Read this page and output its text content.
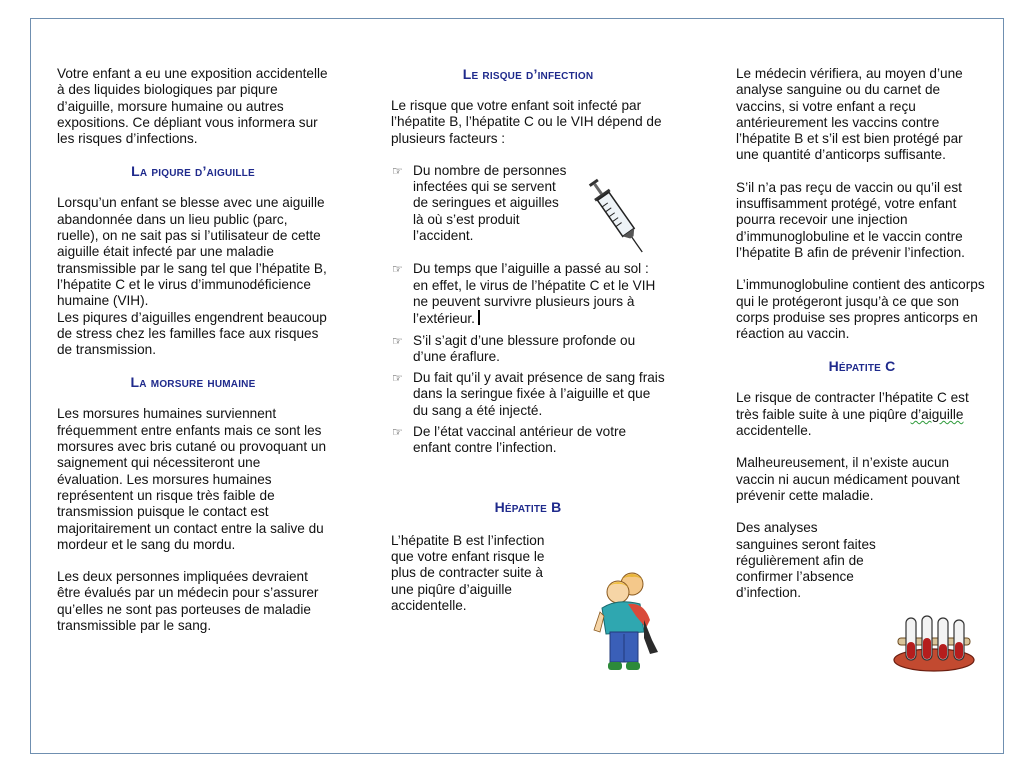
Votre enfant a eu une exposition accidentelle à des liquides biologiques par piqure d’aiguille, morsure humaine ou autres expositions. Ce dépliant vous informera sur les risques d’infections.

La piqure d’aiguille

Lorsqu’un enfant se blesse avec une aiguille abandonnée dans un lieu public (parc, ruelle), on ne sait pas si l’utilisateur de cette aiguille était infecté par une maladie transmissible par le sang tel que l’hépatite B, l’hépatite C et le virus d’immunodéficience humaine (VIH).

Les piqures d’aiguilles engendrent beaucoup de stress chez les familles face aux risques de transmission.

La morsure humaine

Les morsures humaines surviennent fréquemment entre enfants mais ce sont les morsures avec bris cutané ou provoquant un saignement qui nécessiteront une évaluation. Les morsures humaines représentent un risque très faible de transmission puisque le contact est majoritairement un contact entre la salive du mordeur et le sang du mordu.

Les deux personnes impliquées devraient être évalués par un médecin pour s’assurer qu’elles ne sont pas porteuses de maladie transmissible par le sang.

Le risque d’infection

Le risque que votre enfant soit infecté par l’hépatite B, l’hépatite C ou le VIH dépend de plusieurs facteurs :

☞ Du nombre de personnes infectées qui se servent de seringues et aiguilles là où s’est produit l’accident.
☞ Du temps que l’aiguille a passé au sol : en effet, le virus de l’hépatite C et le VIH ne peuvent survivre plusieurs jours à l’extérieur.
☞ S’il s’agit d’une blessure profonde ou d’une éraflure.
☞ Du fait qu’il y avait présence de sang frais dans la seringue fixée à l’aiguille et que du sang a été injecté.
☞ De l’état vaccinal antérieur de votre enfant contre l’infection.

Hépatite B

L’hépatite B est l’infection que votre enfant risque le plus de contracter suite à une piqûre d’aiguille accidentelle.

Le médecin vérifiera, au moyen d’une analyse sanguine ou du carnet de vaccins, si votre enfant a reçu antérieurement les vaccins contre l’hépatite B et s’il est bien protégé par une quantité d’anticorps suffisante.

S’il n’a pas reçu de vaccin ou qu’il est insuffisamment protégé, votre enfant pourra recevoir une injection d’immunoglobuline et le vaccin contre l’hépatite B afin de prévenir l’infection.

L’immunoglobuline contient des anticorps qui le protégeront jusqu’à ce que son corps produise ses propres anticorps en réaction au vaccin.

Hépatite C

Le risque de contracter l’hépatite C est très faible suite à une piqûre d’aiguille accidentelle.

Malheureusement, il n’existe aucun vaccin ni aucun médicament pouvant prévenir cette maladie.

Des analyses sanguines seront faites régulièrement afin de confirmer l’absence d’infection.
